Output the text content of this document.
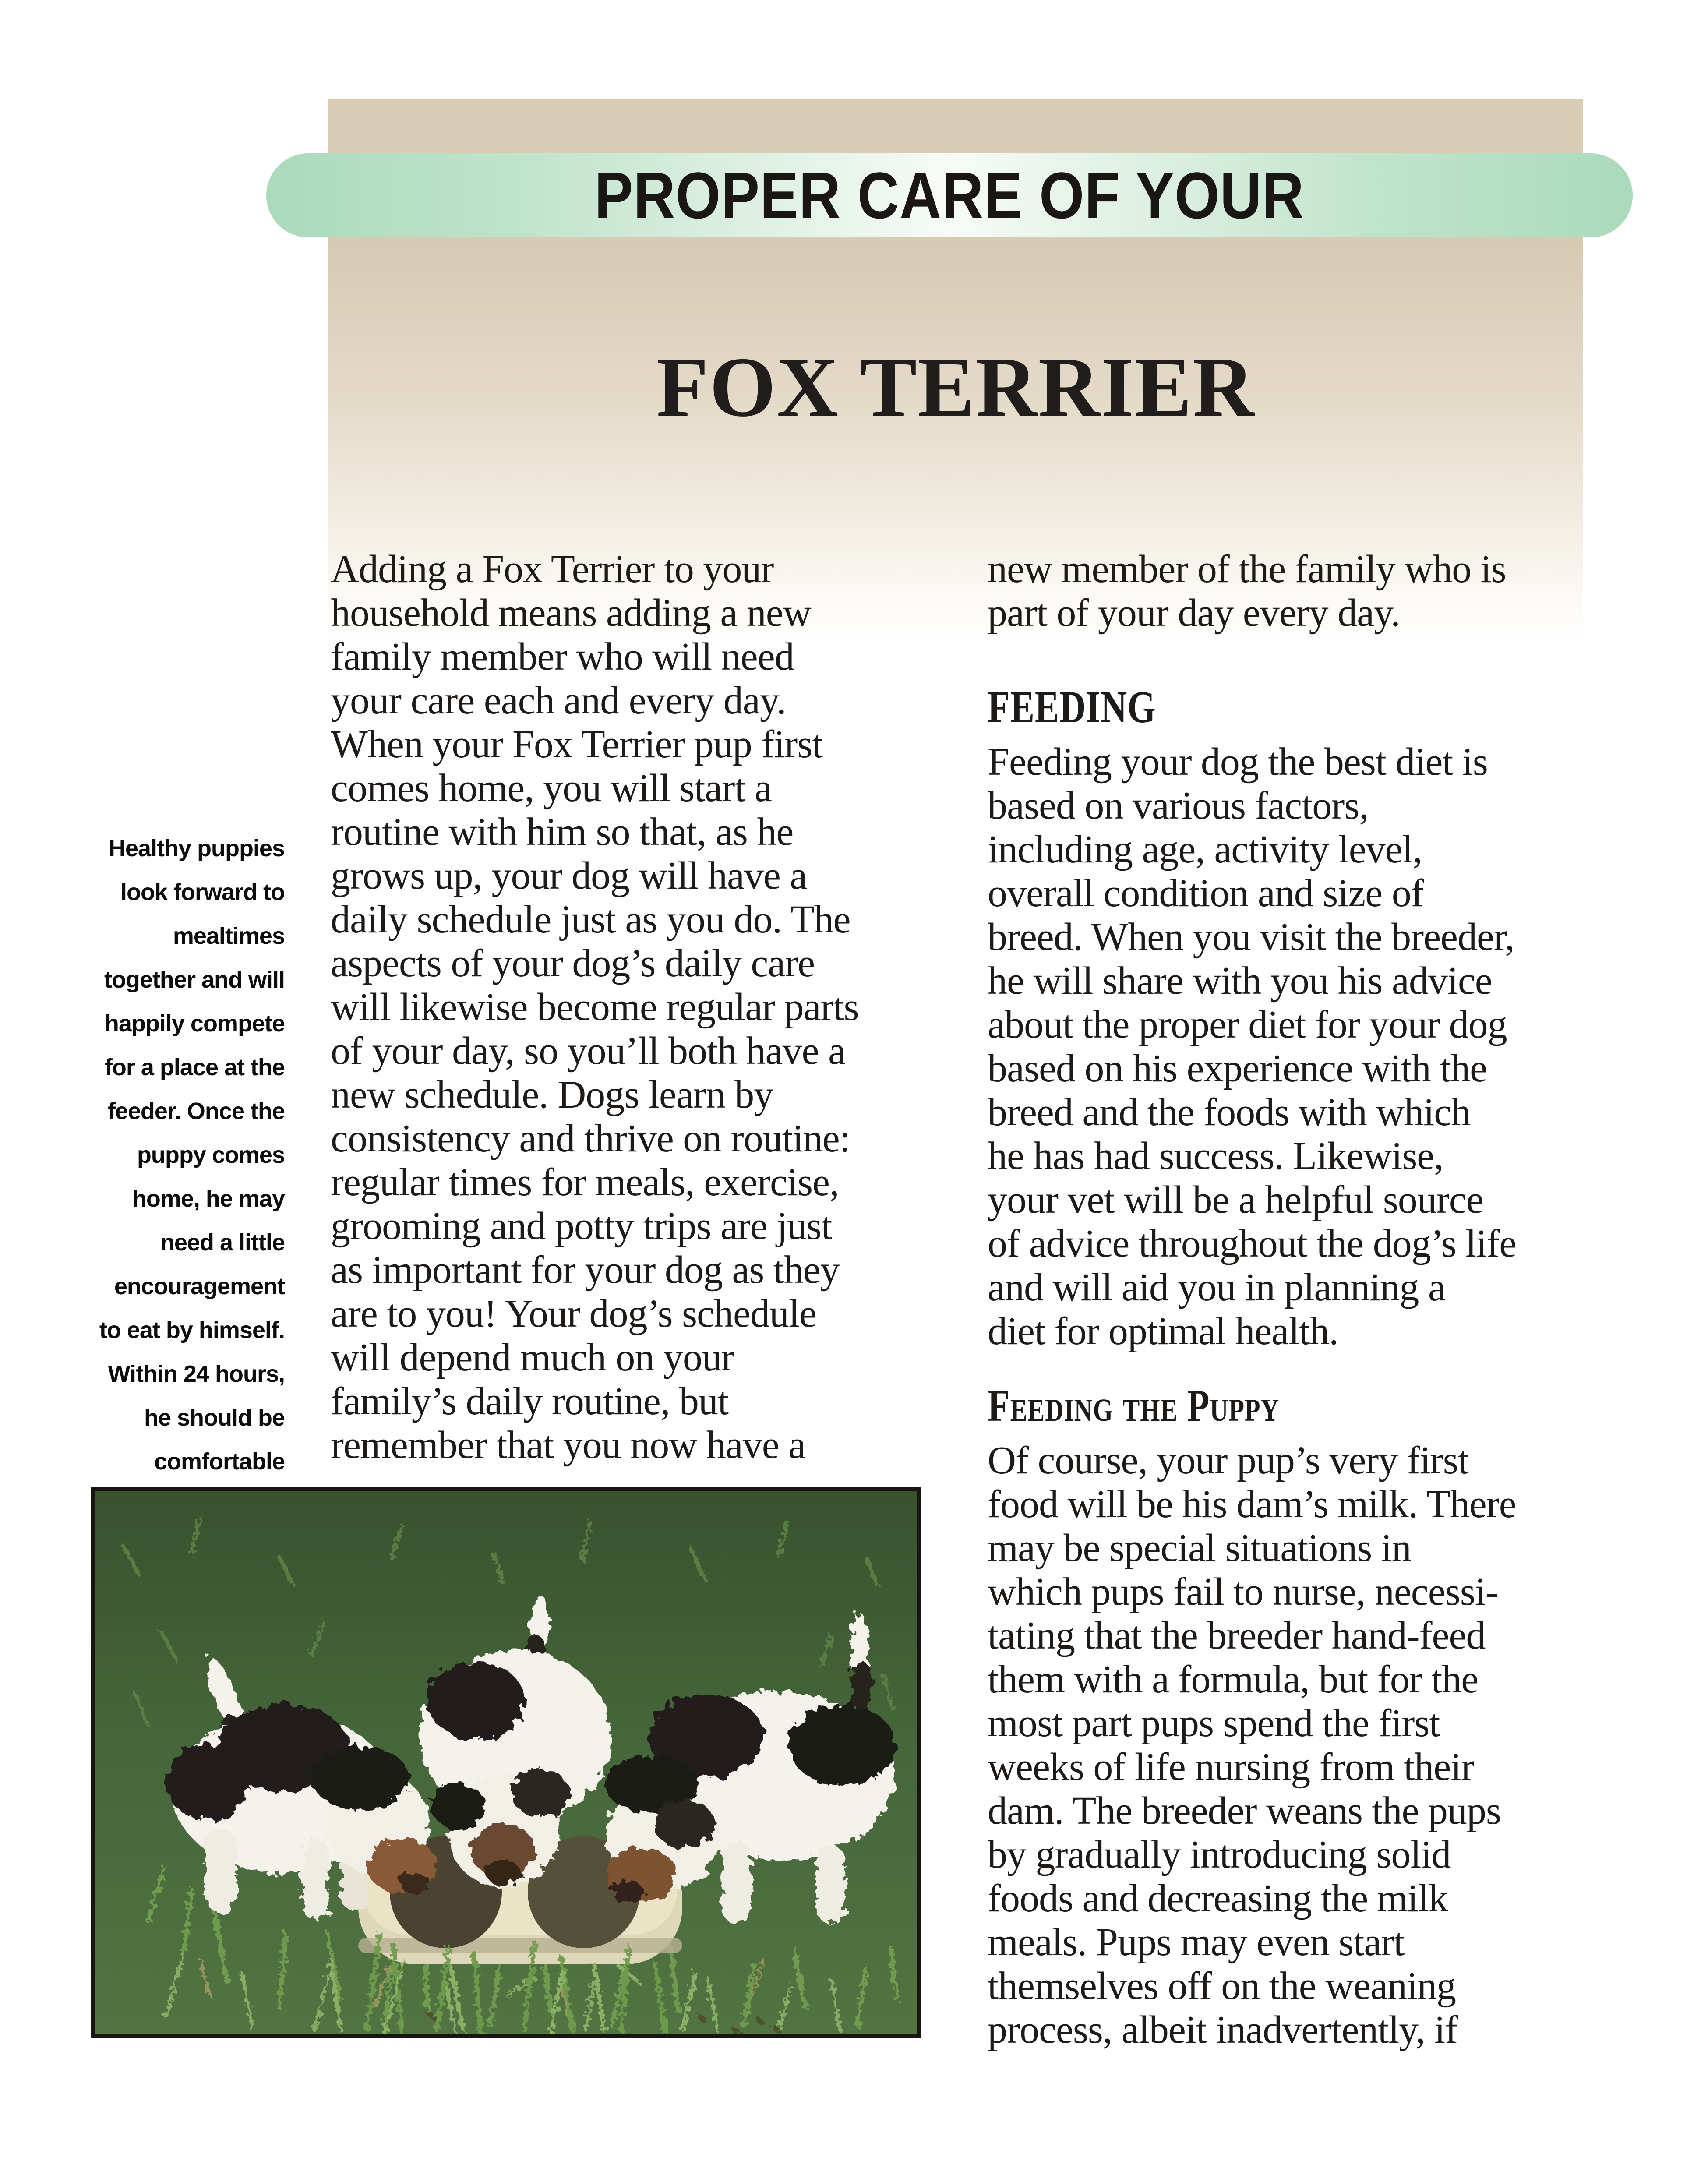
PROPER CARE OF YOUR
FOX TERRIER
Healthy puppies
look forward to
mealtimes
together and will
happily compete
for a place at the
feeder. Once the
puppy comes
home, he may
need a little
encouragement
to eat by himself.
Within 24 hours,
he should be
comfortable
Adding a Fox Terrier to your
household means adding a new
family member who will need
your care each and every day.
When your Fox Terrier pup first
comes home, you will start a
routine with him so that, as he
grows up, your dog will have a
daily schedule just as you do. The
aspects of your dog’s daily care
will likewise become regular parts
of your day, so you’ll both have a
new schedule. Dogs learn by
consistency and thrive on routine:
regular times for meals, exercise,
grooming and potty trips are just
as important for your dog as they
are to you! Your dog’s schedule
will depend much on your
family’s daily routine, but
remember that you now have a
new member of the family who is
part of your day every day.
FEEDING
Feeding your dog the best diet is
based on various factors,
including age, activity level,
overall condition and size of
breed. When you visit the breeder,
he will share with you his advice
about the proper diet for your dog
based on his experience with the
breed and the foods with which
he has had success. Likewise,
your vet will be a helpful source
of advice throughout the dog’s life
and will aid you in planning a
diet for optimal health.
Feeding the Puppy
Of course, your pup’s very first
food will be his dam’s milk. There
may be special situations in
which pups fail to nurse, necessi-
tating that the breeder hand-feed
them with a formula, but for the
most part pups spend the first
weeks of life nursing from their
dam. The breeder weans the pups
by gradually introducing solid
foods and decreasing the milk
meals. Pups may even start
themselves off on the weaning
process, albeit inadvertently, if
